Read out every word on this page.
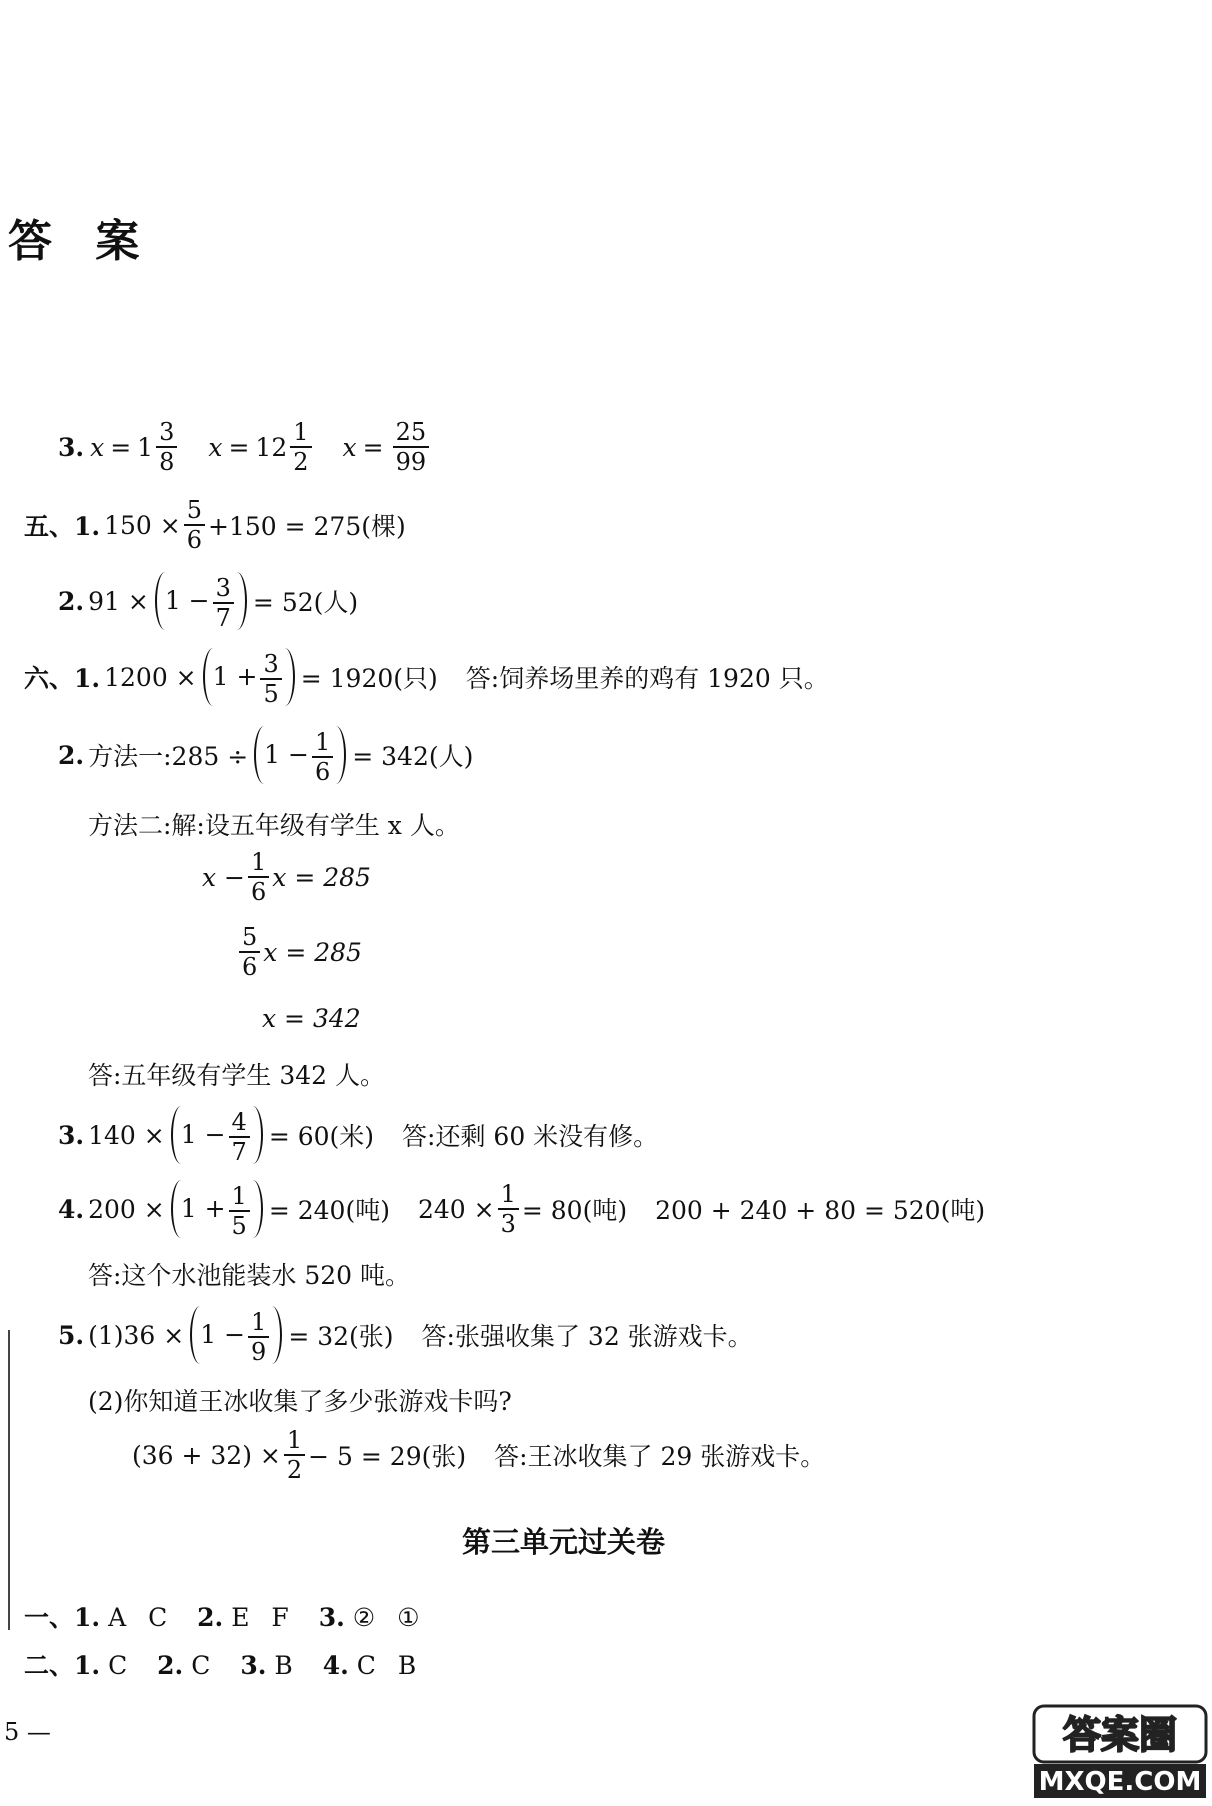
答 案
3. $x = 1 \frac{3}{8}$ $x = 12 \frac{1}{2}$ $x = \frac{25}{99}$
五、1. $150 \times \frac{5}{6} +150 = 275$(棵)
2. $91 \times 1 - \frac{3}{7} = 52$(人)
六、1. $1200 \times 1 + \frac{3}{5} = 1920$(只) 答:饲养场里养的鸡有 1920 只。
2. 方法一:285 ÷ $1 - \frac{1}{6} = 342$(人)
方法二:解:设五年级有学生 x 人。
$x - \frac{1}{6}$ x = 285
$\frac{5}{6}$ x = 285
x = 342
答:五年级有学生 342 人。
3. $140 \times 1 - \frac{4}{7} = 60$(米) 答:还剩 60 米没有修。
4. $200 \times 1 + \frac{1}{5} = 240$(吨) $240 \times \frac{1}{3} = 80$(吨) 200 + 240 + 80 = 520(吨)
答:这个水池能装水 520 吨。
5. $(1)36 \times 1 - \frac{1}{9} = 32$(张) 答:张强收集了 32 张游戏卡。
(2)你知道王冰收集了多少张游戏卡吗?
$(36 + 32) \times \frac{1}{2} - 5 = 29$(张) 答:王冰收集了 29 张游戏卡。
第三单元过关卷
一、1. A C 2. E F 3. ② ①
二、1. C 2. C 3. B 4. C B
5 —	答案圈
MXQE.COM
